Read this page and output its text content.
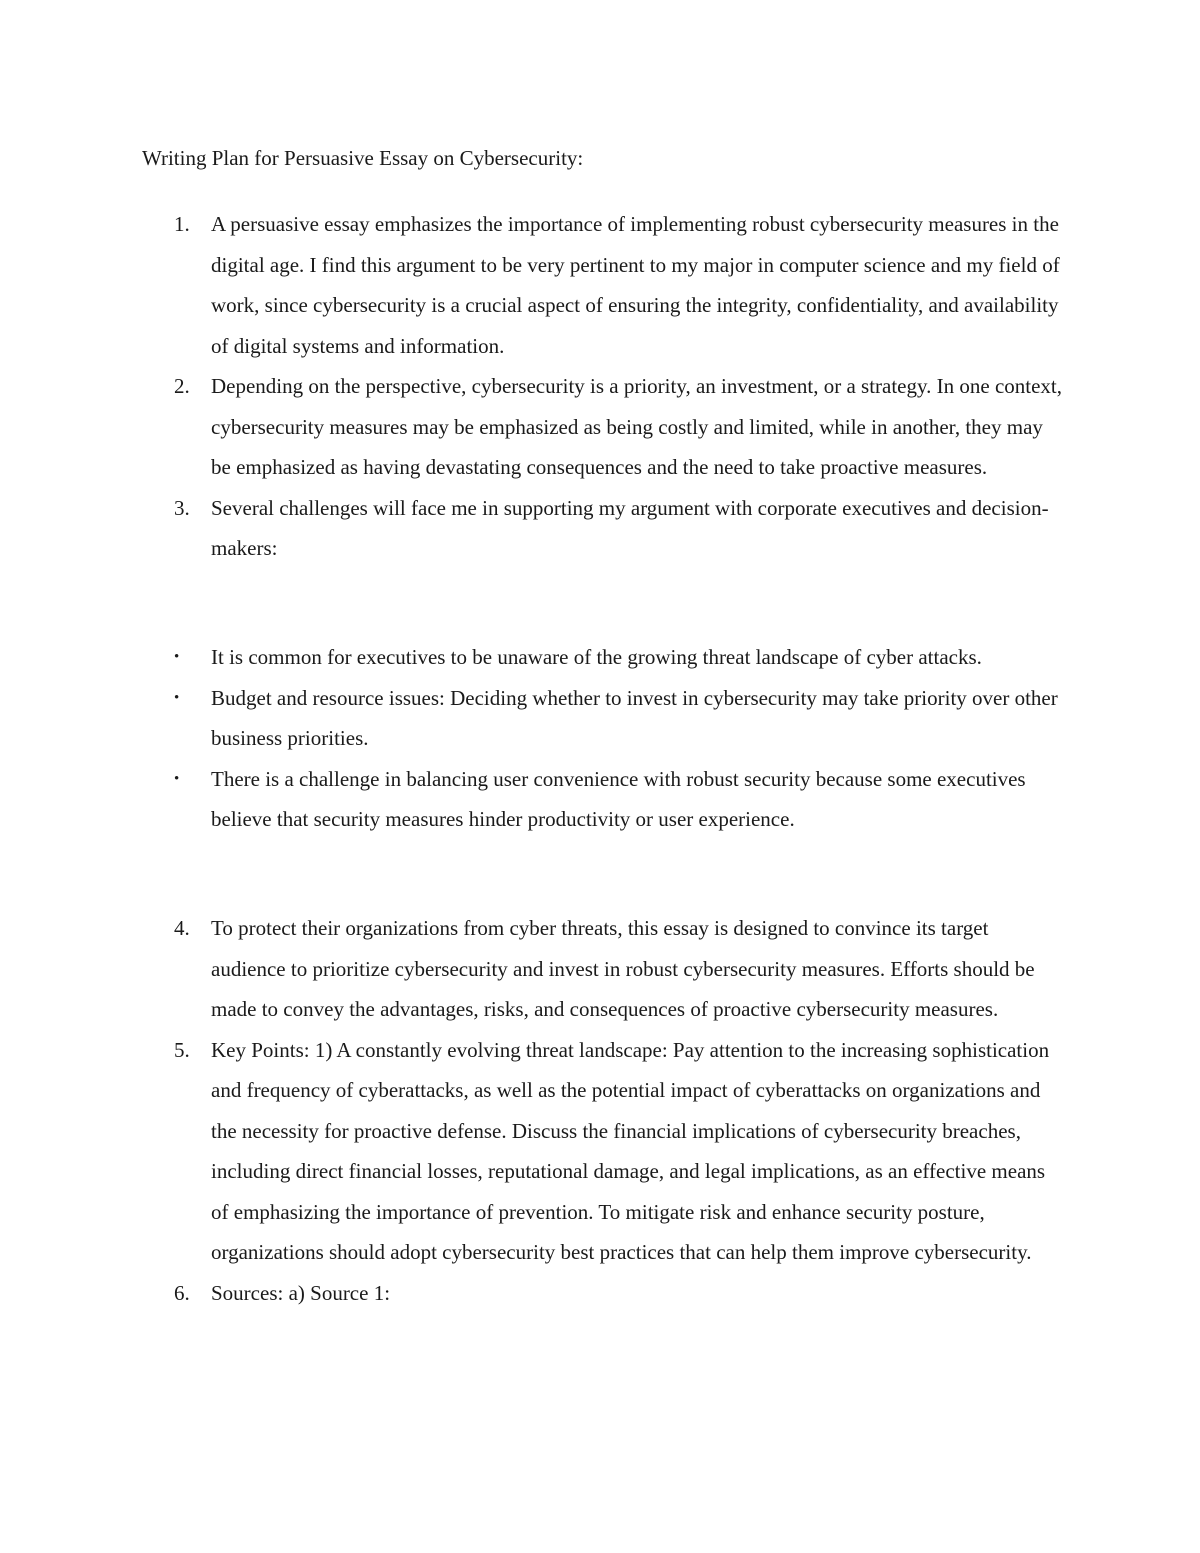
Writing Plan for Persuasive Essay on Cybersecurity:
1. A persuasive essay emphasizes the importance of implementing robust cybersecurity measures in the digital age. I find this argument to be very pertinent to my major in computer science and my field of work, since cybersecurity is a crucial aspect of ensuring the integrity, confidentiality, and availability of digital systems and information.
2. Depending on the perspective, cybersecurity is a priority, an investment, or a strategy. In one context, cybersecurity measures may be emphasized as being costly and limited, while in another, they may be emphasized as having devastating consequences and the need to take proactive measures.
3. Several challenges will face me in supporting my argument with corporate executives and decision-makers:
• It is common for executives to be unaware of the growing threat landscape of cyber attacks.
• Budget and resource issues: Deciding whether to invest in cybersecurity may take priority over other business priorities.
• There is a challenge in balancing user convenience with robust security because some executives believe that security measures hinder productivity or user experience.
4. To protect their organizations from cyber threats, this essay is designed to convince its target audience to prioritize cybersecurity and invest in robust cybersecurity measures. Efforts should be made to convey the advantages, risks, and consequences of proactive cybersecurity measures.
5. Key Points: 1) A constantly evolving threat landscape: Pay attention to the increasing sophistication and frequency of cyberattacks, as well as the potential impact of cyberattacks on organizations and the necessity for proactive defense. Discuss the financial implications of cybersecurity breaches, including direct financial losses, reputational damage, and legal implications, as an effective means of emphasizing the importance of prevention. To mitigate risk and enhance security posture, organizations should adopt cybersecurity best practices that can help them improve cybersecurity.
6. Sources: a) Source 1:
